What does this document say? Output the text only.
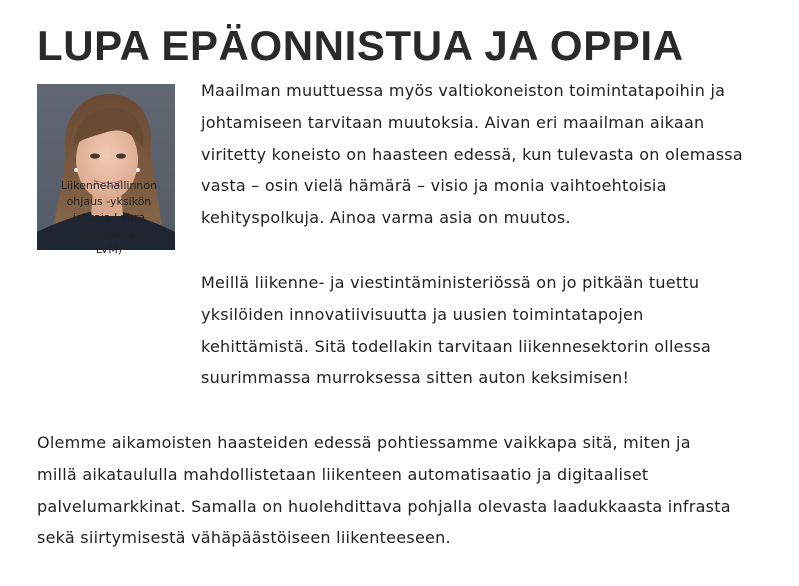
LUPA EPÄONNISTUA JA OPPIA
Liikennehallinnon
ohjaus -yksikön
johtaja Laura
Eiro (kuva:
LVM)

Maailman muuttuessa myös valtiokoneiston toimintatapoihin ja
johtamiseen tarvitaan muutoksia. Aivan eri maailman aikaan
viritetty koneisto on haasteen edessä, kun tulevasta on olemassa
vasta – osin vielä hämärä – visio ja monia vaihtoehtoisia
kehityspolkuja. Ainoa varma asia on muutos.

Meillä liikenne- ja viestintäministeriössä on jo pitkään tuettu
yksilöiden innovatiivisuutta ja uusien toimintatapojen
kehittämistä. Sitä todellakin tarvitaan liikennesektorin ollessa
suurimmassa murroksessa sitten auton keksimisen!

Olemme aikamoisten haasteiden edessä pohtiessamme vaikkapa sitä, miten ja
millä aikataululla mahdollistetaan liikenteen automatisaatio ja digitaaliset
palvelumarkkinat. Samalla on huolehdittava pohjalla olevasta laadukkaasta infrasta
sekä siirtymisestä vähäpäästöiseen liikenteeseen.
